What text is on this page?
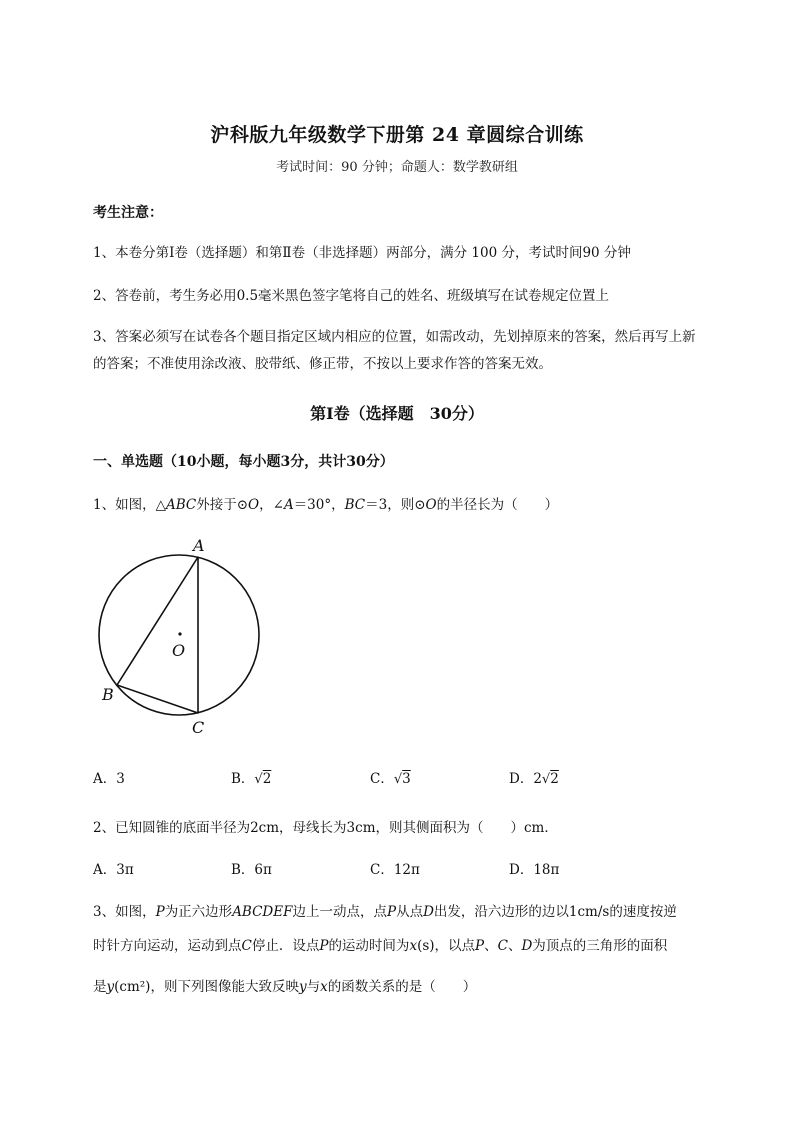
沪科版九年级数学下册第 24 章圆综合训练
考试时间：90 分钟；命题人：数学教研组
考生注意：
1、本卷分第Ⅰ卷（选择题）和第Ⅱ卷（非选择题）两部分，满分 100 分，考试时间90 分钟
2、答卷前，考生务必用0.5毫米黑色签字笔将自己的姓名、班级填写在试卷规定位置上
3、答案必须写在试卷各个题目指定区域内相应的位置，如需改动，先划掉原来的答案，然后再写上新
的答案；不准使用涂改液、胶带纸、修正带，不按以上要求作答的答案无效。
第Ⅰ卷（选择题　30分）
一、单选题（10小题，每小题3分，共计30分）
1、如图，△ABC外接于⊙O，∠A＝30°，BC＝3，则⊙O的半径长为（　　）
A
B
C
O
A．3	B．√2	C．√3	D．2√2
2、已知圆锥的底面半径为2cm，母线长为3cm，则其侧面积为（　　）cm．
A．3π	B．6π	C．12π	D．18π
3、如图，P为正六边形ABCDEF边上一动点，点P从点D出发，沿六边形的边以1cm/s的速度按逆
时针方向运动，运动到点C停止．设点P的运动时间为x(s)，以点P、C、D为顶点的三角形的面积
是y(cm²)，则下列图像能大致反映y与x的函数关系的是（　　）
